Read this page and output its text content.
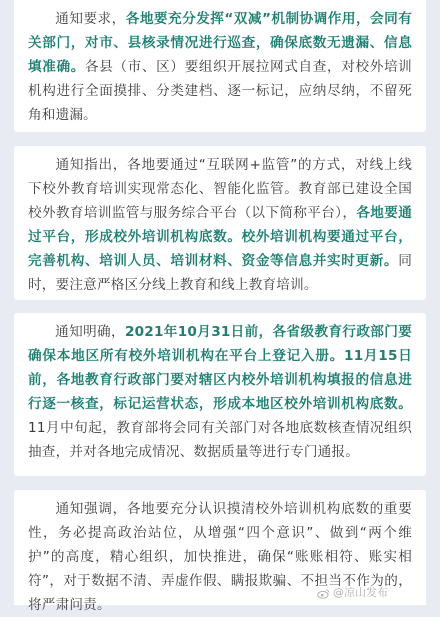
通知要求，各地要充分发挥“双减”机制协调作用，会同有关部门，对市、县核录情况进行巡查，确保底数无遗漏、信息填准确。各县（市、区）要组织开展拉网式自查，对校外培训机构进行全面摸排、分类建档、逐一标记，应纳尽纳，不留死角和遗漏。
通知指出，各地要通过“互联网+监管”的方式，对线上线下校外教育培训实现常态化、智能化监管。教育部已建设全国校外教育培训监管与服务综合平台（以下简称平台），各地要通过平台，形成校外培训机构底数。校外培训机构要通过平台，完善机构、培训人员、培训材料、资金等信息并实时更新。同时，要注意严格区分线上教育和线上教育培训。
通知明确，2021年10月31日前，各省级教育行政部门要确保本地区所有校外培训机构在平台上登记入册。11月15日前，各地教育行政部门要对辖区内校外培训机构填报的信息进行逐一核查，标记运营状态，形成本地区校外培训机构底数。11月中旬起，教育部将会同有关部门对各地底数核查情况组织抽查，并对各地完成情况、数据质量等进行专门通报。
通知强调，各地要充分认识摸清校外培训机构底数的重要性，务必提高政治站位，从增强“四个意识”、做到“两个维护”的高度，精心组织，加快推进，确保“账账相符、账实相符”，对于数据不清、弄虚作假、瞒报欺骗、不担当不作为的，将严肃问责。
@凉山发布
